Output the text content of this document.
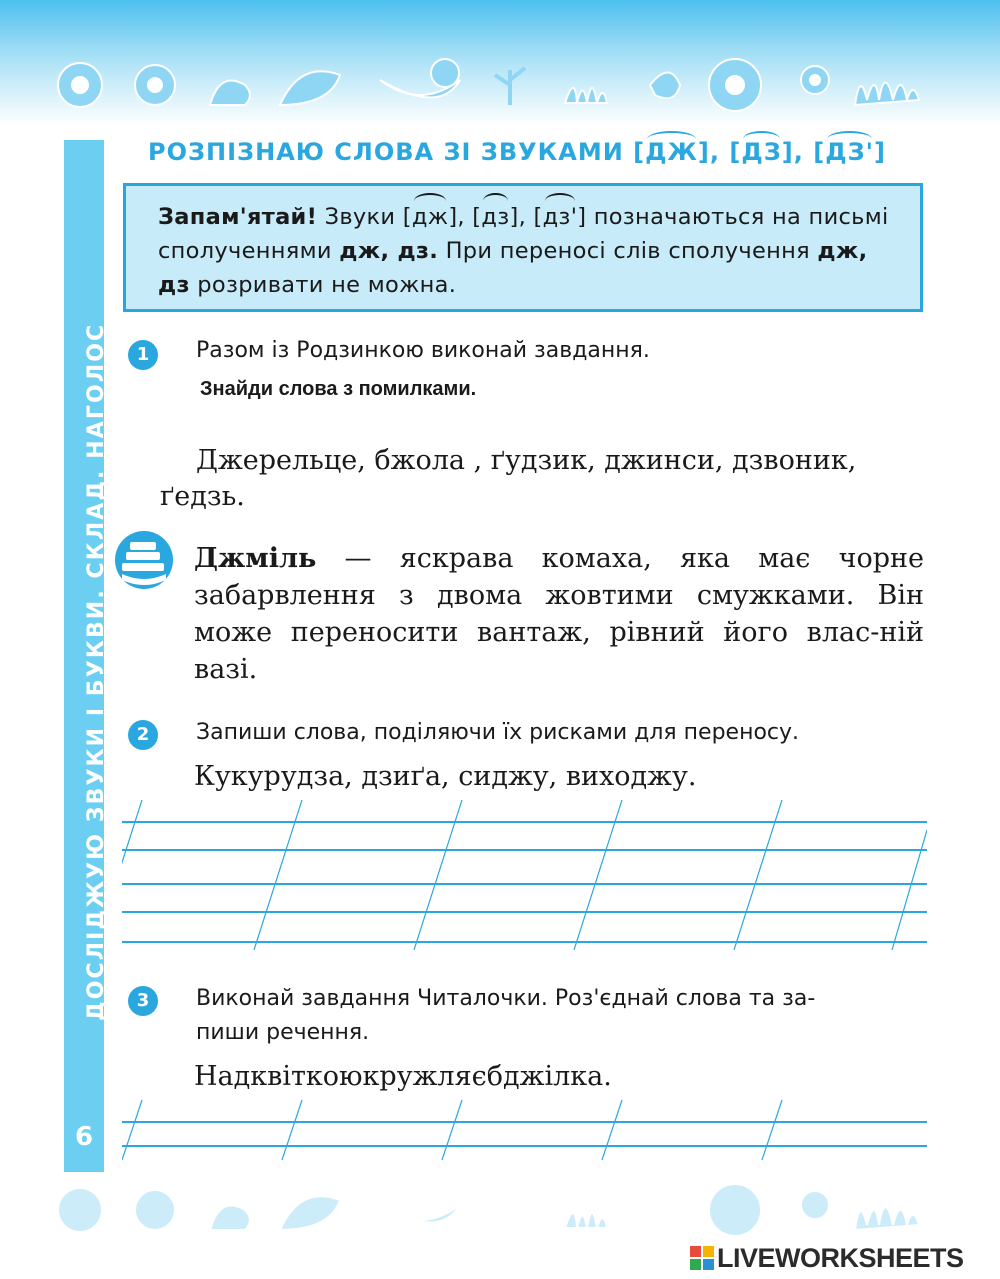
ДОСЛІДЖУЮ ЗВУКИ І БУКВИ. СКЛАД. НАГОЛОС
6
РОЗПІЗНАЮ СЛОВА ЗІ ЗВУКАМИ [ДЖ], [ДЗ], [ДЗ']
Запам'ятай! Звуки [дж], [дз], [дз'] позначаються на письмі сполученнями дж, дз. При переносі слів сполучення дж, дз розривати не можна.
1	Разом із Родзинкою виконай завдання.
Знайди слова з помилками.
Джерельце, бжола , ґудзик, джинси, дзвоник,
ґедзь.
Джміль — яскрава комаха, яка має чорне забарвлення з двома жовтими смужками. Він може переносити вантаж, рівний його влас-ній вазі.
2	Запиши слова, поділяючи їх рисками для переносу.
Кукурудза, дзиґа, сиджу, виходжу.
3	Виконай завдання Читалочки. Роз'єднай слова та за-
пиши речення.
Надквіткоюкружляєбджілка.
LIVEWORKSHEETS
